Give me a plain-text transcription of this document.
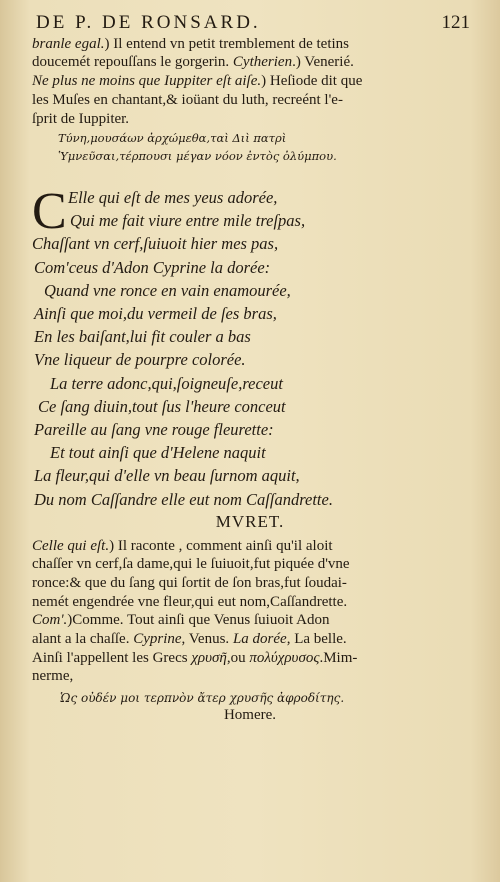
DE P. DE RONSARD.	121
branle egal.) Il entend vn petit tremblement de tetins
doucemét repouſſans le gorgerin. Cytherien.) Venerié.
Ne plus ne moins que Iuppiter eſt aiſe.) Heſiode dit que
les Muſes en chantant,& ioüant du luth, recreént l'e-
ſprit de Iuppiter.
Τύνη,μουσάων ἀρχώμεθα,ταὶ Διὶ πατρὶ
Ὑμνεῦσαι,τέρπουσι μέγαν νόον ἐντὸς ὀλύμπου.
C Elle qui eſt de mes yeus adorée,
Qui me fait viure entre mile treſpas,
Chaſſant vn cerf,ſuiuoit hier mes pas,
Com'ceus d'Adon Cyprine la dorée:
Quand vne ronce en vain enamourée,
Ainſi que moi,du vermeil de ſes bras,
En les baiſant,lui fit couler a bas
Vne liqueur de pourpre colorée.
La terre adonc,qui,ſoigneuſe,receut
Ce ſang diuin,tout ſus l'heure conceut
Pareille au ſang vne rouge fleurette:
Et tout ainſi que d'Helene naquit
La fleur,qui d'elle vn beau ſurnom aquit,
Du nom Caſſandre elle eut nom Caſſandrette.
MVRET.
Celle qui eſt.) Il raconte , comment ainſi qu'il aloit
chaſſer vn cerf,ſa dame,qui le ſuiuoit,fut piquée d'vne
ronce:& que du ſang qui ſortit de ſon bras,fut ſoudai-
nemét engendrée vne fleur,qui eut nom,Caſſandrette.
Com'.)Comme. Tout ainſi que Venus ſuiuoit Adon
alant a la chaſſe. Cyprine, Venus. La dorée, La belle.
Ainſi l'appellent les Grecs χρυσῆ,ou πολύχρυσος.Mim-
nerme,
Ὡς οὐδέν μοι τερπνὸν ἄτερ χρυσῆς ἀφροδίτης.
Homere.
